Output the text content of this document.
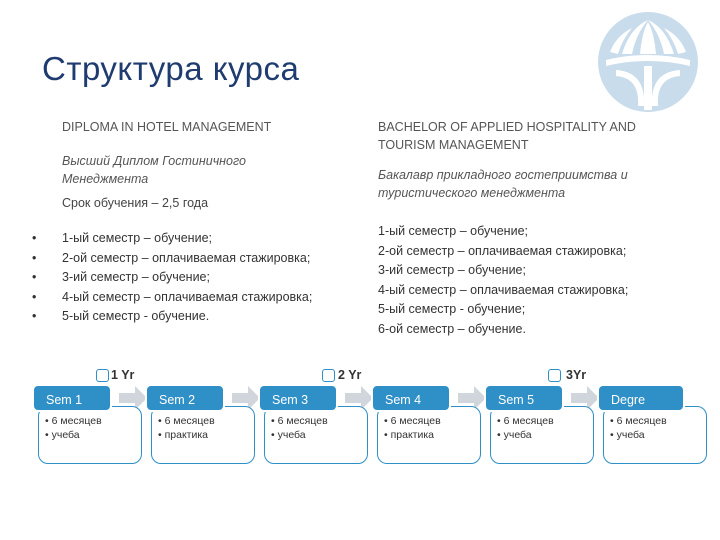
Структура курса
DIPLOMA IN HOTEL MANAGEMENT
Высший Диплом Гостиничного Менеджмента
Срок обучения – 2,5 года
• 1-ый семестр – обучение;
• 2-ой семестр – оплачиваемая стажировка;
• 3-ий семестр – обучение;
• 4-ый семестр – оплачиваемая стажировка;
• 5-ый семестр - обучение.
BACHELOR OF APPLIED HOSPITALITY AND TOURISM MANAGEMENT
Бакалавр прикладного гостеприимства и туристического менеджмента
1-ый семестр – обучение;
2-ой семестр – оплачиваемая стажировка;
3-ий семестр – обучение;
4-ый семестр – оплачиваемая стажировка;
5-ый семестр - обучение;
6-ой семестр – обучение.
• 6 месяцев
• учеба
• 6 месяцев
• практика
• 6 месяцев
• учеба
• 6 месяцев
• практика
• 6 месяцев
• учеба
• 6 месяцев
• учеба
Sem 1	Sem 2	Sem 3	Sem 4	Sem 5	Degre
1 Yr	2 Yr	3Yr
